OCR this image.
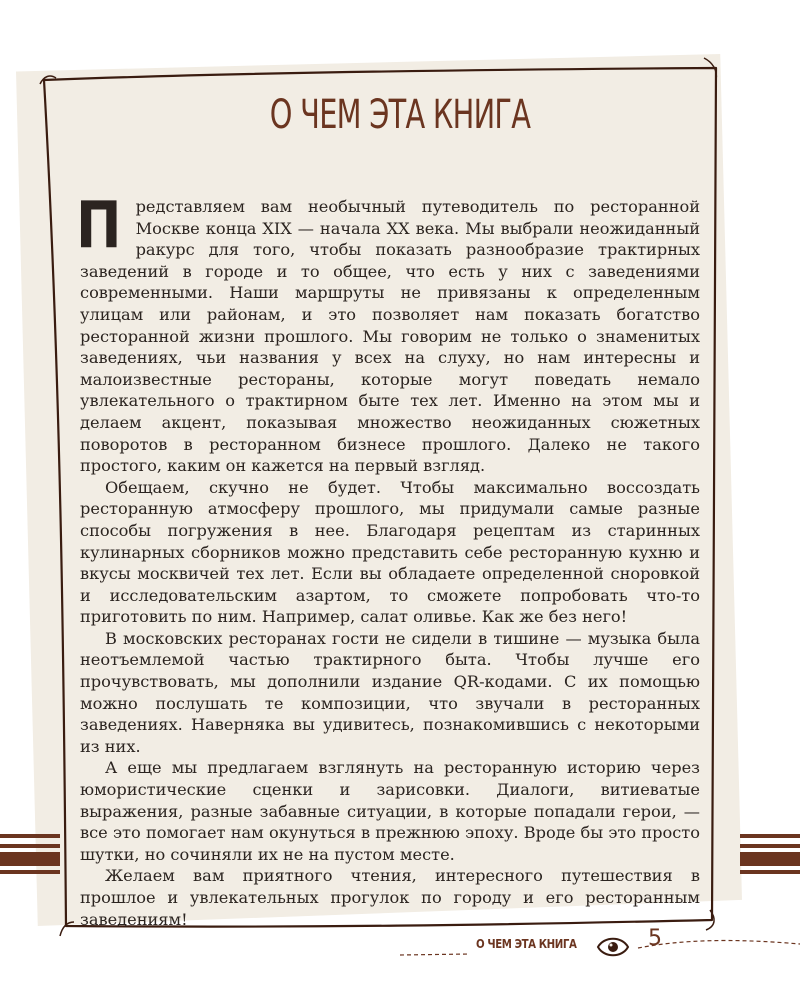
О ЧЕМ ЭТА КНИГА

Представляем вам необычный путеводитель по ресторанной Москве конца XIX — начала XX века. Мы выбрали неожиданный ракурс для того, чтобы показать разнообразие трактирных заведений в городе и то общее, что есть у них с заведениями современными. Наши маршруты не привязаны к определенным улицам или районам, и это позволяет нам показать богатство ресторанной жизни прошлого. Мы говорим не только о знаменитых заведениях, чьи названия у всех на слуху, но нам интересны и малоизвестные рестораны, которые могут поведать немало увлекательного о трактирном быте тех лет. Именно на этом мы и делаем акцент, показывая множество неожиданных сюжетных поворотов в ресторанном бизнесе прошлого. Далеко не такого простого, каким он кажется на первый взгляд.

Обещаем, скучно не будет. Чтобы максимально воссоздать ресторанную атмосферу прошлого, мы придумали самые разные способы погружения в нее. Благодаря рецептам из старинных кулинарных сборников можно представить себе ресторанную кухню и вкусы москвичей тех лет. Если вы обладаете определенной сноровкой и исследовательским азартом, то сможете попробовать что-то приготовить по ним. Например, салат оливье. Как же без него!

В московских ресторанах гости не сидели в тишине — музыка была неотъемлемой частью трактирного быта. Чтобы лучше его прочувствовать, мы дополнили издание QR-кодами. С их помощью можно послушать те композиции, что звучали в ресторанных заведениях. Наверняка вы удивитесь, познакомившись с некоторыми из них.

А еще мы предлагаем взглянуть на ресторанную историю через юмористические сценки и зарисовки. Диалоги, витиеватые выражения, разные забавные ситуации, в которые попадали герои, — все это помогает нам окунуться в прежнюю эпоху. Вроде бы это просто шутки, но сочиняли их не на пустом месте.

Желаем вам приятного чтения, интересного путешествия в прошлое и увлекательных прогулок по городу и его ресторанным заведениям!

О ЧЕМ ЭТА КНИГА	5
